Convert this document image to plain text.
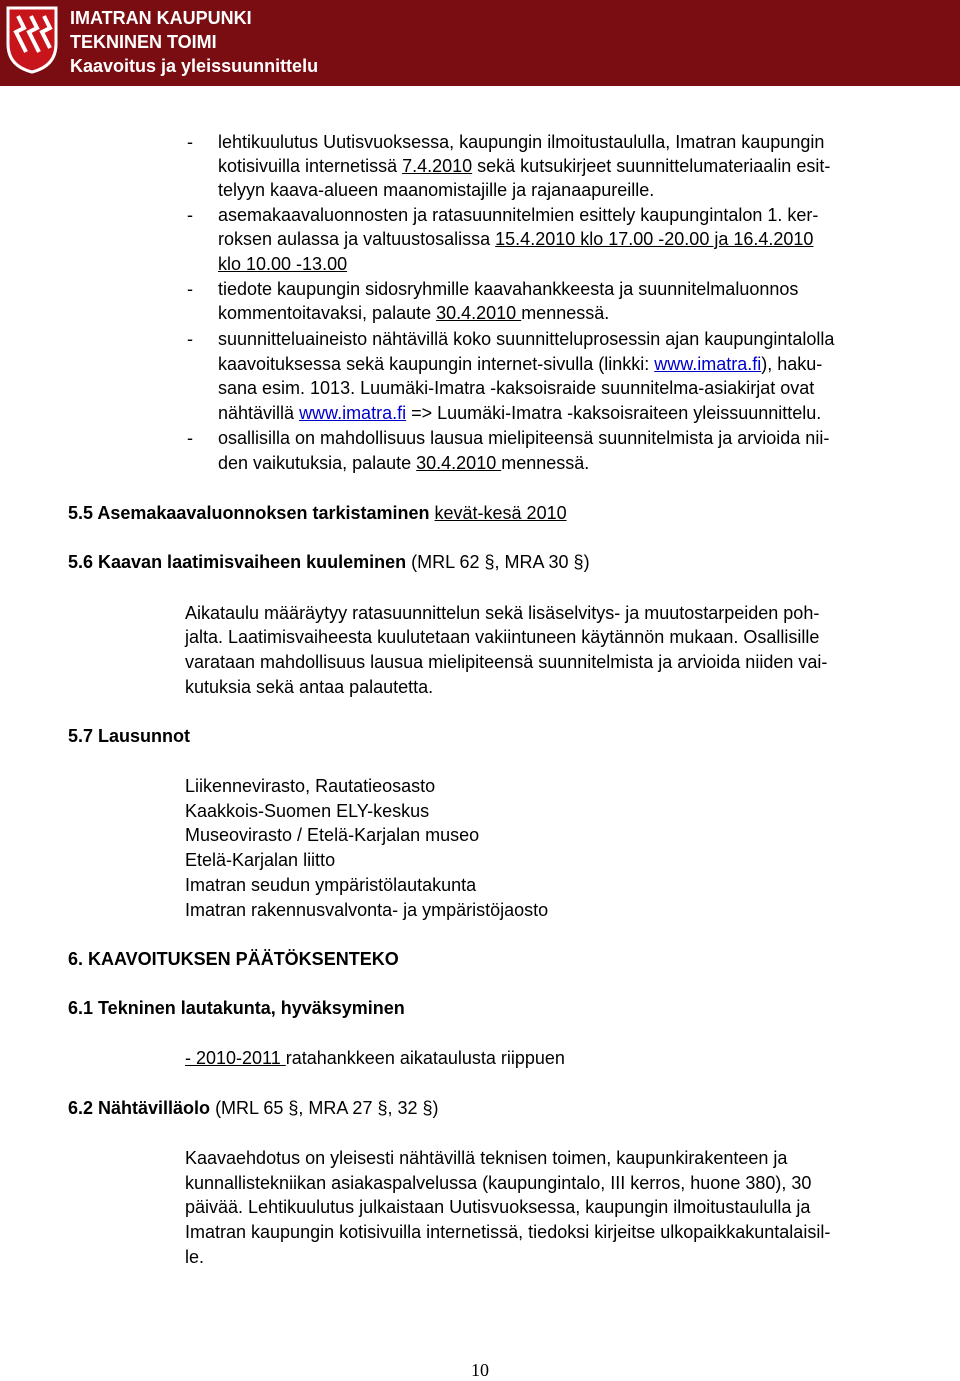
IMATRAN KAUPUNKI
TEKNINEN TOIMI
Kaavoitus ja yleissuunnittelu
- lehtikuulutus Uutisvuoksessa, kaupungin ilmoitustaululla, Imatran kaupungin
kotisivuilla internetissä 7.4.2010 sekä kutsukirjeet suunnittelumateriaalin esit-
telyyn kaava-alueen maanomistajille ja rajanaapureille.
- asemakaavaluonnosten ja ratasuunnitelmien esittely kaupungintalon 1. ker-
roksen aulassa ja valtuustosalissa 15.4.2010 klo 17.00 -20.00 ja 16.4.2010
klo 10.00 -13.00
- tiedote kaupungin sidosryhmille kaavahankkeesta ja suunnitelmaluonnos
kommentoitavaksi, palaute 30.4.2010 mennessä.
- suunnitteluaineisto nähtävillä koko suunnitteluprosessin ajan kaupungintalolla
kaavoituksessa sekä kaupungin internet-sivulla (linkki: www.imatra.fi), haku-
sana esim. 1013. Luumäki-Imatra -kaksoisraide suunnitelma-asiakirjat ovat
nähtävillä www.imatra.fi => Luumäki-Imatra -kaksoisraiteen yleissuunnittelu.
- osallisilla on mahdollisuus lausua mielipiteensä suunnitelmista ja arvioida nii-
den vaikutuksia, palaute 30.4.2010 mennessä.
5.5 Asemakaavaluonnoksen tarkistaminen kevät-kesä 2010
5.6 Kaavan laatimisvaiheen kuuleminen (MRL 62 §, MRA 30 §)
Aikataulu määräytyy ratasuunnittelun sekä lisäselvitys- ja muutostarpeiden poh-
jalta. Laatimisvaiheesta kuulutetaan vakiintuneen käytännön mukaan. Osallisille
varataan mahdollisuus lausua mielipiteensä suunnitelmista ja arvioida niiden vai-
kutuksia sekä antaa palautetta.
5.7 Lausunnot
Liikennevirasto, Rautatieosasto
Kaakkois-Suomen ELY-keskus
Museovirasto / Etelä-Karjalan museo
Etelä-Karjalan liitto
Imatran seudun ympäristölautakunta
Imatran rakennusvalvonta- ja ympäristöjaosto
6. KAAVOITUKSEN PÄÄTÖKSENTEKO
6.1 Tekninen lautakunta, hyväksyminen
- 2010-2011 ratahankkeen aikataulusta riippuen
6.2 Nähtävilläolo (MRL 65 §, MRA 27 §, 32 §)
Kaavaehdotus on yleisesti nähtävillä teknisen toimen, kaupunkirakenteen ja
kunnallistekniikan asiakaspalvelussa (kaupungintalo, III kerros, huone 380), 30
päivää. Lehtikuulutus julkaistaan Uutisvuoksessa, kaupungin ilmoitustaululla ja
Imatran kaupungin kotisivuilla internetissä, tiedoksi kirjeitse ulkopaikkakuntalaisil-
le.
10
